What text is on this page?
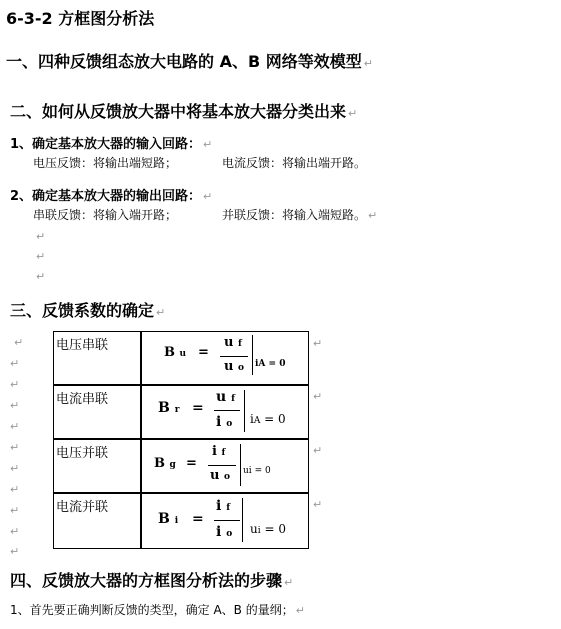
6-3-2 方框图分析法
一、四种反馈组态放大电路的 A、B 网络等效模型 ↵
二、如何从反馈放大器中将基本放大器分类出来 ↵
1、确定基本放大器的输入回路： ↵
电压反馈：将输出端短路；	电流反馈：将输出端开路。
2、确定基本放大器的输出回路： ↵
串联反馈：将输入端开路；	并联反馈：将输入端短路。 ↵
↵
↵
↵
三、反馈系数的确定 ↵
↵
↵
↵
↵
↵
↵
↵
↵
↵
↵
↵
电压串联	B u =
u f
u o iA = 0	↵
电流串联	B r =
u f
i o iA = 0	↵
电压并联	B g =
i f
u o
ui = 0	↵
电流并联	B i =
i f
i o ui = 0	↵
四、反馈放大器的方框图分析法的步骤 ↵
1、首先要正确判断反馈的类型，确定 A、B 的量纲； ↵
